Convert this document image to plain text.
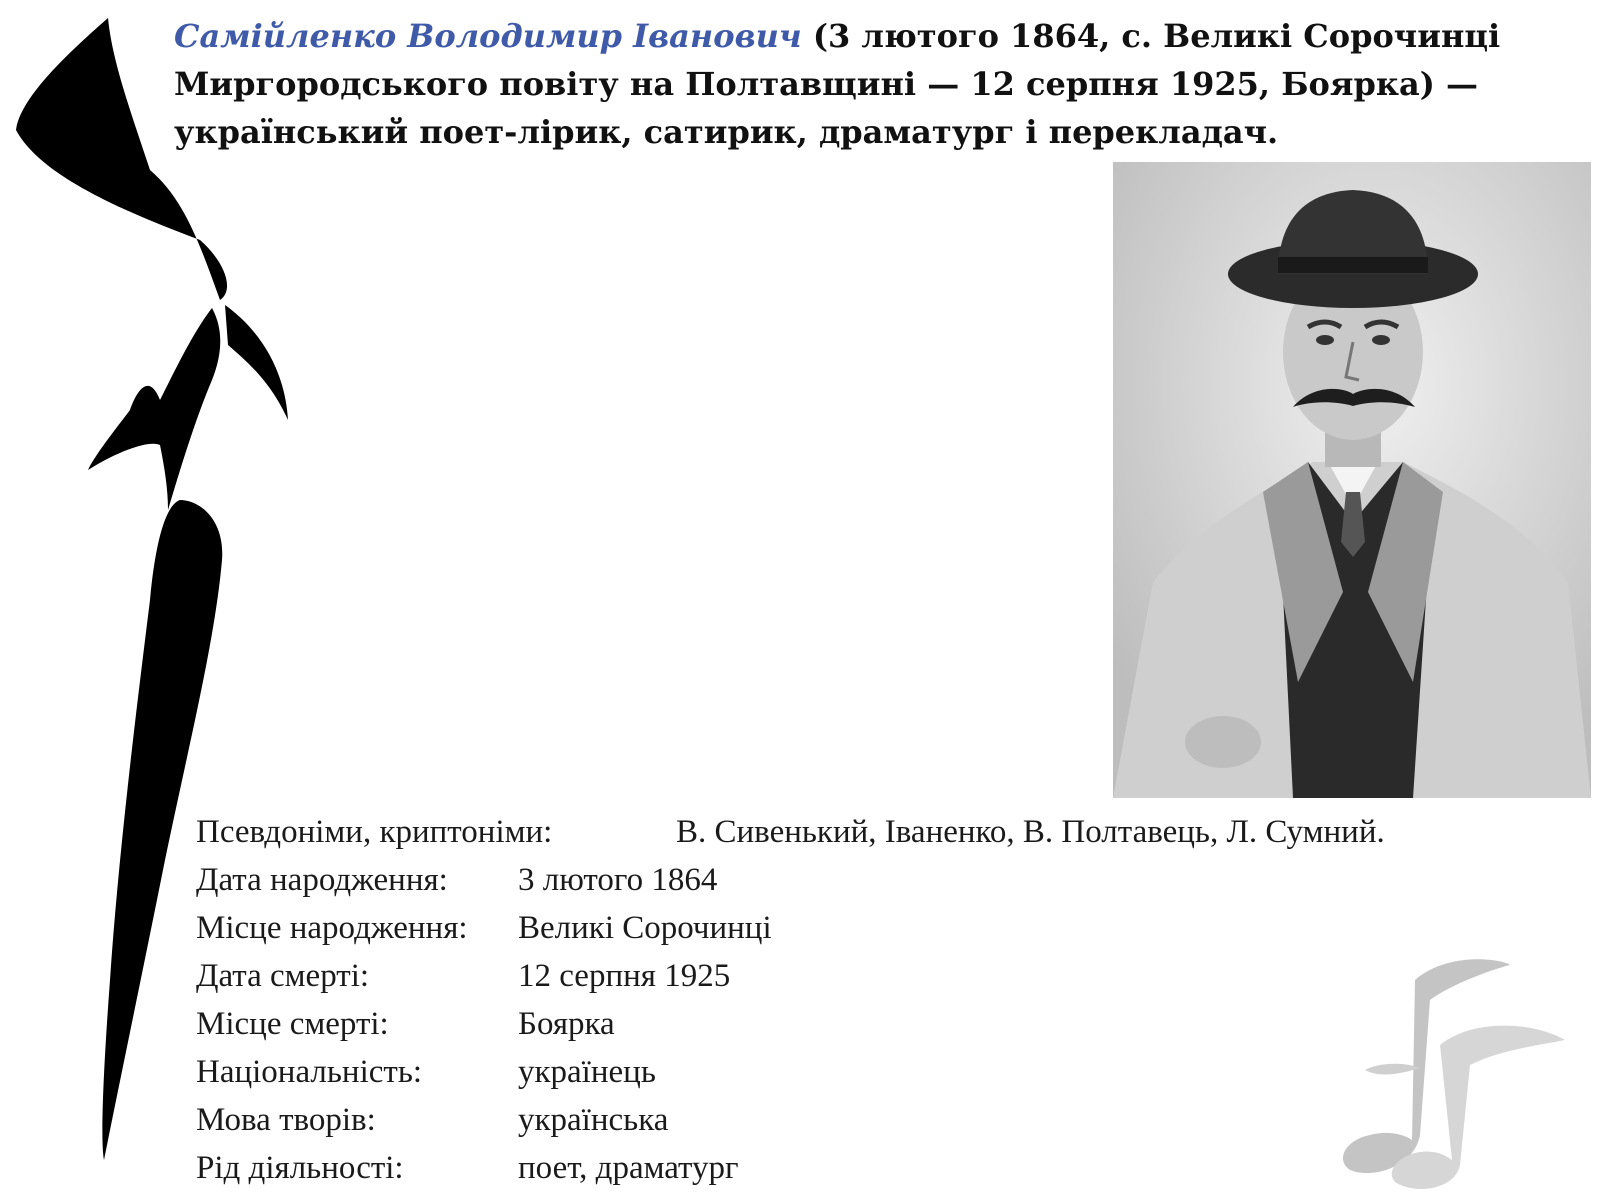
Самійленко Володимир Іванович (3 лютого 1864, с. Великі Сорочинці Миргородського повіту на Полтавщині — 12 серпня 1925, Боярка) — український поет-лірик, сатирик, драматург і перекладач.
Псевдоніми, криптоніми:	В. Сивенький, Іваненко, В. Полтавець, Л. Сумний.
Дата народження:	3 лютого 1864
Місце народження:	Великі Сорочинці
Дата смерті:	12 серпня 1925
Місце смерті:	Боярка
Національність:	українець
Мова творів:	українська
Рід діяльності:	поет, драматург
